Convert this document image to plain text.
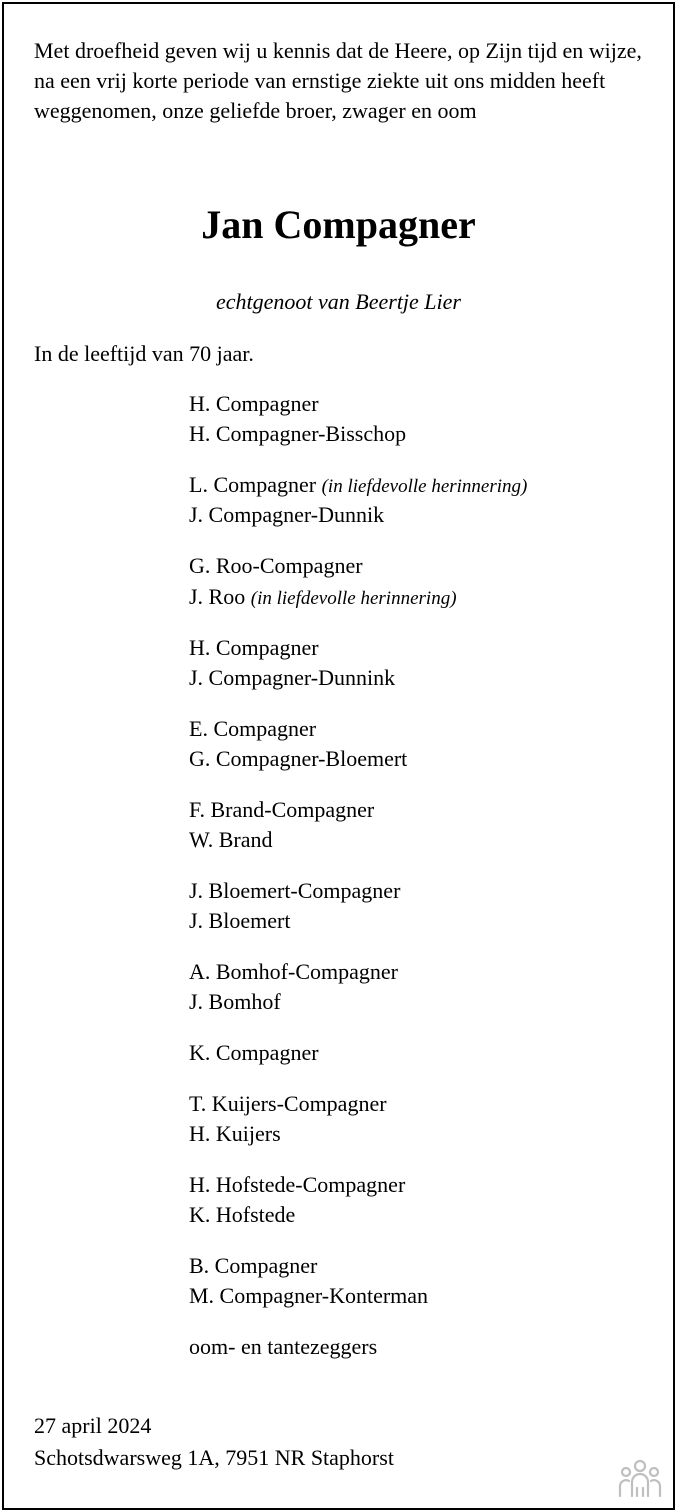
Met droefheid geven wij u kennis dat de Heere, op Zijn tijd en wijze, na een vrij korte periode van ernstige ziekte uit ons midden heeft weggenomen, onze geliefde broer, zwager en oom
Jan Compagner
echtgenoot van Beertje Lier
In de leeftijd van 70 jaar.
H. Compagner
H. Compagner-Bisschop
L. Compagner (in liefdevolle herinnering)
J. Compagner-Dunnik
G. Roo-Compagner
J. Roo (in liefdevolle herinnering)
H. Compagner
J. Compagner-Dunnink
E. Compagner
G. Compagner-Bloemert
F. Brand-Compagner
W. Brand
J. Bloemert-Compagner
J. Bloemert
A. Bomhof-Compagner
J. Bomhof
K. Compagner
T. Kuijers-Compagner
H. Kuijers
H. Hofstede-Compagner
K. Hofstede
B. Compagner
M. Compagner-Konterman
oom- en tantezeggers
27 april 2024
Schotsdwarsweg 1A, 7951 NR Staphorst
